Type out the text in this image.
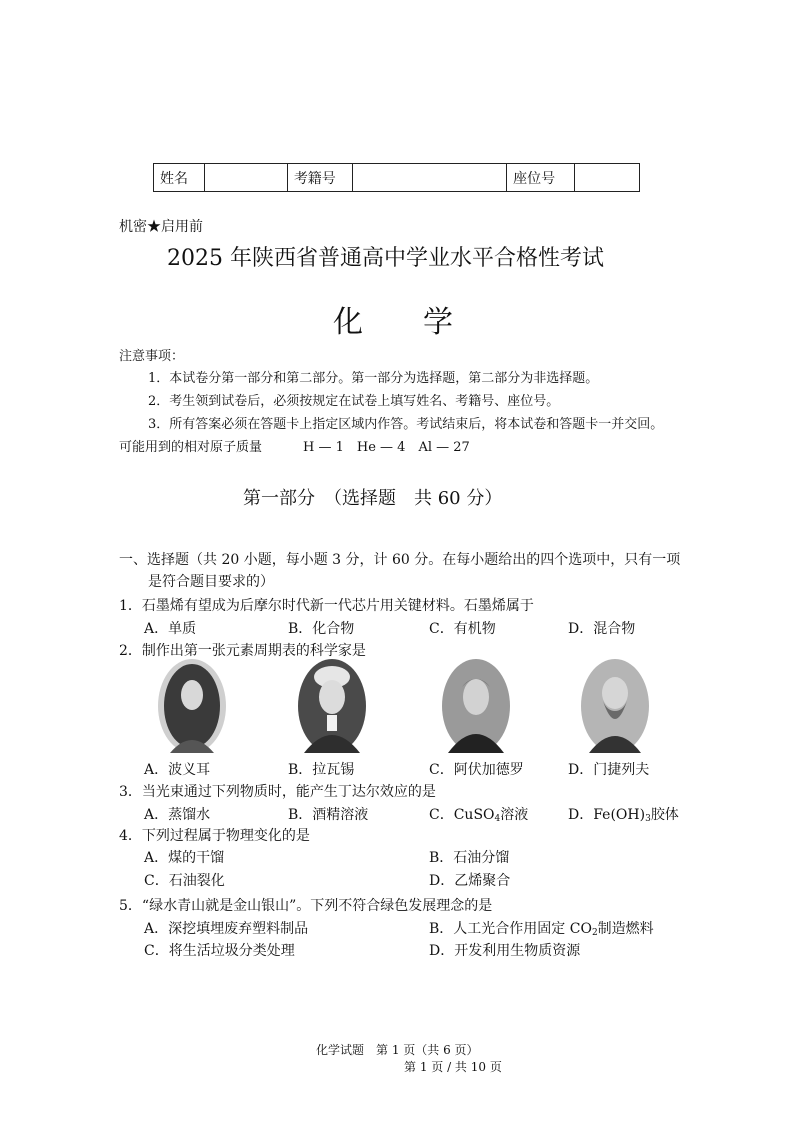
姓名		考籍号		座位号	
机密★启用前
2025 年陕西省普通高中学业水平合格性考试
化　　学
注意事项：
1．本试卷分第一部分和第二部分。第一部分为选择题，第二部分为非选择题。
2．考生领到试卷后，必须按规定在试卷上填写姓名、考籍号、座位号。
3．所有答案必须在答题卡上指定区域内作答。考试结束后，将本试卷和答题卡一并交回。
可能用到的相对原子质量	H — 1　He — 4　Al — 27
第一部分　（选择题　共 60 分）
一、选择题（共 20 小题，每小题 3 分，计 60 分。在每小题给出的四个选项中，只有一项
是符合题目要求的）
1．石墨烯有望成为后摩尔时代新一代芯片用关键材料。石墨烯属于
A．单质	B．化合物	C．有机物	D．混合物
2．制作出第一张元素周期表的科学家是
A．波义耳	B．拉瓦锡	C．阿伏加德罗	D．门捷列夫
3．当光束通过下列物质时，能产生丁达尔效应的是
A．蒸馏水	B．酒精溶液	C．CuSO$_4$溶液	D．$Fe(OH)_3$胶体
4．下列过程属于物理变化的是
A．煤的干馏	B．石油分馏
C．石油裂化	D．乙烯聚合
5．“绿水青山就是金山银山”。下列不符合绿色发展理念的是
A．深挖填埋废弃塑料制品	B．人工光合作用固定 $CO_2$制造燃料
C．将生活垃圾分类处理	D．开发利用生物质资源
化学试题　第 1 页（共 6 页）
第 1 页 / 共 10 页
